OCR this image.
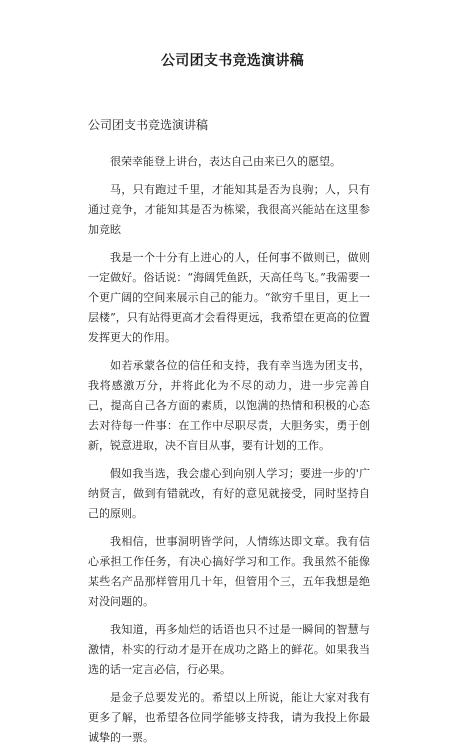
公司团支书竞选演讲稿
公司团支书竞选演讲稿

很荣幸能登上讲台，表达自己由来已久的愿望。

马，只有跑过千里，才能知其是否为良驹；人，只有通过竞争，才能知其是否为栋梁，我很高兴能站在这里参加竞眩

我是一个十分有上进心的人，任何事不做则已，做则一定做好。俗话说：“海阔凭鱼跃，天高任鸟飞。”我需要一个更广阔的空间来展示自己的能力。“欲穷千里目，更上一层楼”，只有站得更高才会看得更远，我希望在更高的位置发挥更大的作用。

如若承蒙各位的信任和支持，我有幸当选为团支书，我将感激万分，并将此化为不尽的动力，进一步完善自己，提高自己各方面的素质，以饱满的热情和积极的心态去对待每一件事：在工作中尽职尽责，大胆务实，勇于创新，锐意进取，决不盲目从事，要有计划的工作。

假如我当选，我会虚心到向别人学习；要进一步的'广纳贤言，做到有错就改，有好的意见就接受，同时坚持自己的原则。

我相信，世事洞明皆学问，人情练达即文章。我有信心承担工作任务，有决心搞好学习和工作。我虽然不能像某些名产品那样管用几十年，但管用个三，五年我想是绝对没问题的。

我知道，再多灿烂的话语也只不过是一瞬间的智慧与激情，朴实的行动才是开在成功之路上的鲜花。如果我当选的话一定言必信，行必果。

是金子总要发光的。希望以上所说，能让大家对我有更多了解，也希望各位同学能够支持我，请为我投上你最诚挚的一票。
